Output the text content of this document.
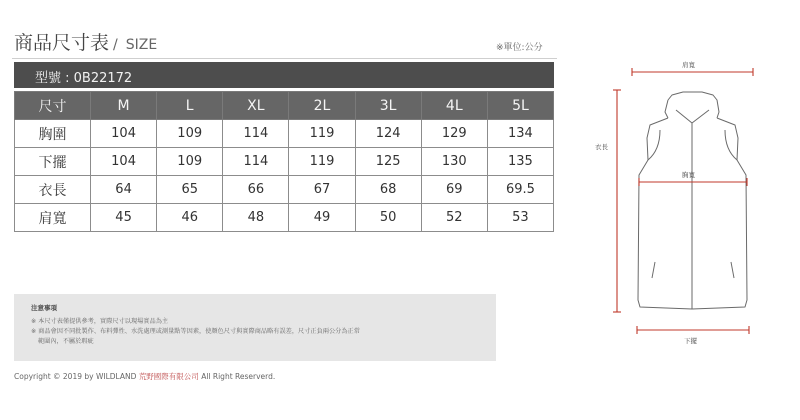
商品尺寸表 / SIZE	※單位:公分
型號 : 0B22172
尺寸	M	L	XL	2L	3L	4L	5L
胸圍	104	109	114	119	124	129	134
下擺	104	109	114	119	125	130	135
衣長	64	65	66	67	68	69	69.5
肩寬	45	46	48	49	50	52	53
注意事項
※ 本尺寸表僅提供參考，實際尺寸以現場實品為主
※ 商品會因不同批製作、布料彈性、水洗處理或測量點等因素，使顏色尺寸與實際商品略有誤差，尺寸正負兩公分為正常
範圍內，不屬於瑕疵
Copyright © 2019 by WILDLAND 荒野國際有限公司 All Right Reserverd.
肩寬
衣長
胸寬
下擺
